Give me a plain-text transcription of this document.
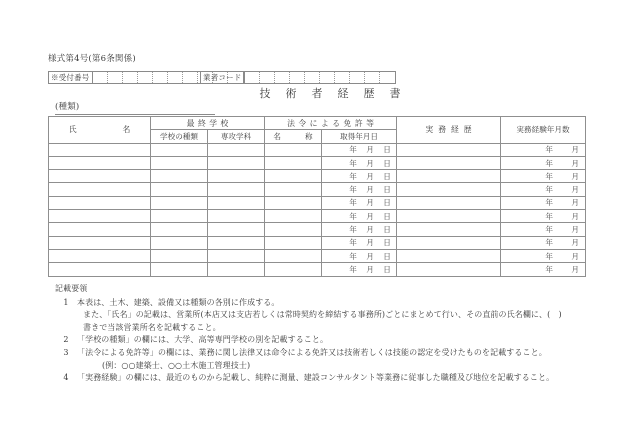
様式第4号(第6条関係)
※受付番号	業者コード
技術者経歴書
(種類)
氏 名	最終学校		法令による免許等		実務経歴	実務経験年月数
	学校の種類	専攻学科	名 称	取得年月日		
				年 月 日		年 月
				年 月 日		年 月
				年 月 日		年 月
				年 月 日		年 月
				年 月 日		年 月
				年 月 日		年 月
				年 月 日		年 月
				年 月 日		年 月
				年 月 日		年 月
				年 月 日		年 月
記載要領
1	本表は、土木、建築、設備又は種類の各別に作成する。
また、「氏名」の記載は、営業所(本店又は支店若しくは常時契約を締結する事務所)ごとにまとめて行い、その直前の氏名欄に、(　)
書きで当該営業所名を記載すること。
2	「学校の種類」の欄には、大学、高等専門学校の別を記載すること。
3	「法令による免許等」の欄には、業務に関し法律又は命令による免許又は技術若しくは技能の認定を受けたものを記載すること。
(例：○○建築士、○○土木施工管理技士)
4	「実務経験」の欄には、最近のものから記載し、純粋に測量、建設コンサルタント等業務に従事した職種及び地位を記載すること。
